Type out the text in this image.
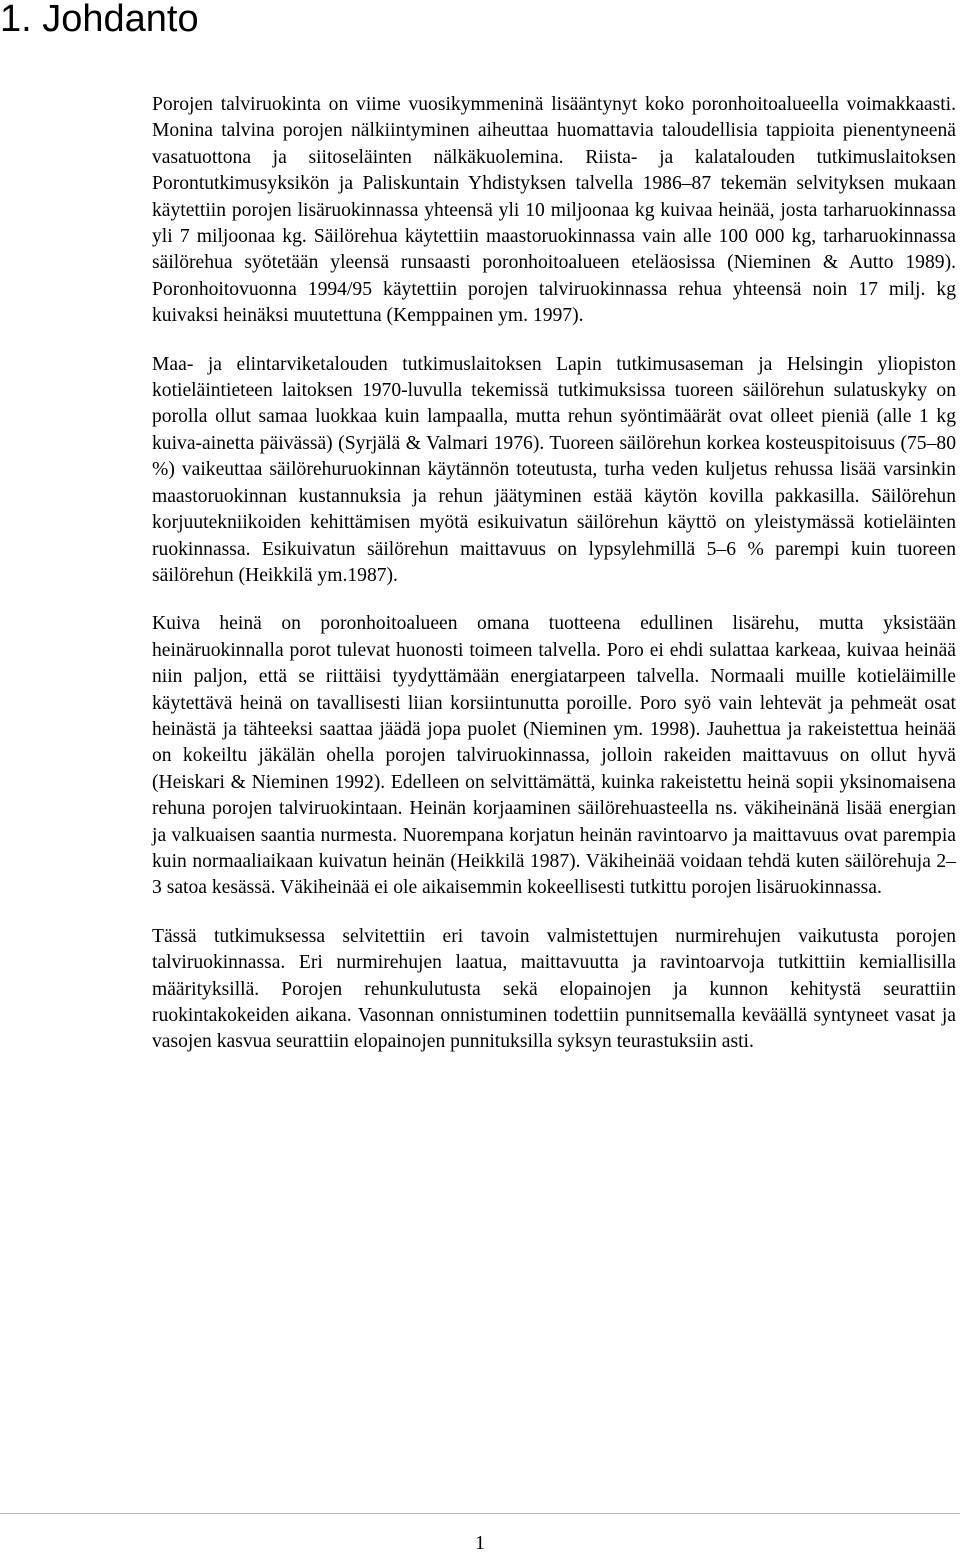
1. Johdanto

Porojen talviruokinta on viime vuosikymmeninä lisääntynyt koko poronhoitoalueella voimakkaasti. Monina talvina porojen nälkiintyminen aiheuttaa huomattavia taloudellisia tappioita pienentyneenä vasatuottona ja siitoseläinten nälkäkuolemina. Riista- ja kalatalouden tutkimuslaitoksen Porontutkimusyksikön ja Paliskuntain Yhdistyksen talvella 1986–87 tekemän selvityksen mukaan käytettiin porojen lisäruokinnassa yhteensä yli 10 miljoonaa kg kuivaa heinää, josta tarharuokinnassa yli 7 miljoonaa kg. Säilörehua käytettiin maastoruokinnassa vain alle 100 000 kg, tarharuokinnassa säilörehua syötetään yleensä runsaasti poronhoitoalueen eteläosissa (Nieminen & Autto 1989). Poronhoitovuonna 1994/95 käytettiin porojen talviruokinnassa rehua yhteensä noin 17 milj. kg kuivaksi heinäksi muutettuna (Kemppainen ym. 1997).

Maa- ja elintarviketalouden tutkimuslaitoksen Lapin tutkimusaseman ja Helsingin yliopiston kotieläintieteen laitoksen 1970-luvulla tekemissä tutkimuksissa tuoreen säilörehun sulatuskyky on porolla ollut samaa luokkaa kuin lampaalla, mutta rehun syöntimäärät ovat olleet pieniä (alle 1 kg kuiva-ainetta päivässä) (Syrjälä & Valmari 1976). Tuoreen säilörehun korkea kosteuspitoisuus (75–80 %) vaikeuttaa säilörehuruokinnan käytännön toteutusta, turha veden kuljetus rehussa lisää varsinkin maastoruokinnan kustannuksia ja rehun jäätyminen estää käytön kovilla pakkasilla. Säilörehun korjuutekniikoiden kehittämisen myötä esikuivatun säilörehun käyttö on yleistymässä kotieläinten ruokinnassa. Esikuivatun säilörehun maittavuus on lypsylehmillä 5–6 % parempi kuin tuoreen säilörehun (Heikkilä ym.1987).

Kuiva heinä on poronhoitoalueen omana tuotteena edullinen lisärehu, mutta yksistään heinäruokinnalla porot tulevat huonosti toimeen talvella. Poro ei ehdi sulattaa karkeaa, kuivaa heinää niin paljon, että se riittäisi tyydyttämään energiatarpeen talvella. Normaali muille kotieläimille käytettävä heinä on tavallisesti liian korsiintunutta poroille. Poro syö vain lehtevät ja pehmeät osat heinästä ja tähteeksi saattaa jäädä jopa puolet (Nieminen ym. 1998). Jauhettua ja rakeistettua heinää on kokeiltu jäkälän ohella porojen talviruokinnassa, jolloin rakeiden maittavuus on ollut hyvä (Heiskari & Nieminen 1992). Edelleen on selvittämättä, kuinka rakeistettu heinä sopii yksinomaisena rehuna porojen talviruokintaan. Heinän korjaaminen säilörehuasteella ns. väkiheinänä lisää energian ja valkuaisen saantia nurmesta. Nuorempana korjatun heinän ravintoarvo ja maittavuus ovat parempia kuin normaaliaikaan kuivatun heinän (Heikkilä 1987). Väkiheinää voidaan tehdä kuten säilörehuja 2–3 satoa kesässä. Väkiheinää ei ole aikaisemmin kokeellisesti tutkittu porojen lisäruokinnassa.

Tässä tutkimuksessa selvitettiin eri tavoin valmistettujen nurmirehujen vaikutusta porojen talviruokinnassa. Eri nurmirehujen laatua, maittavuutta ja ravintoarvoja tutkittiin kemiallisilla määrityksillä. Porojen rehunkulutusta sekä elopainojen ja kunnon kehitystä seurattiin ruokintakokeiden aikana. Vasonnan onnistuminen todettiin punnitsemalla keväällä syntyneet vasat ja vasojen kasvua seurattiin elopainojen punnituksilla syksyn teurastuksiin asti.

1
